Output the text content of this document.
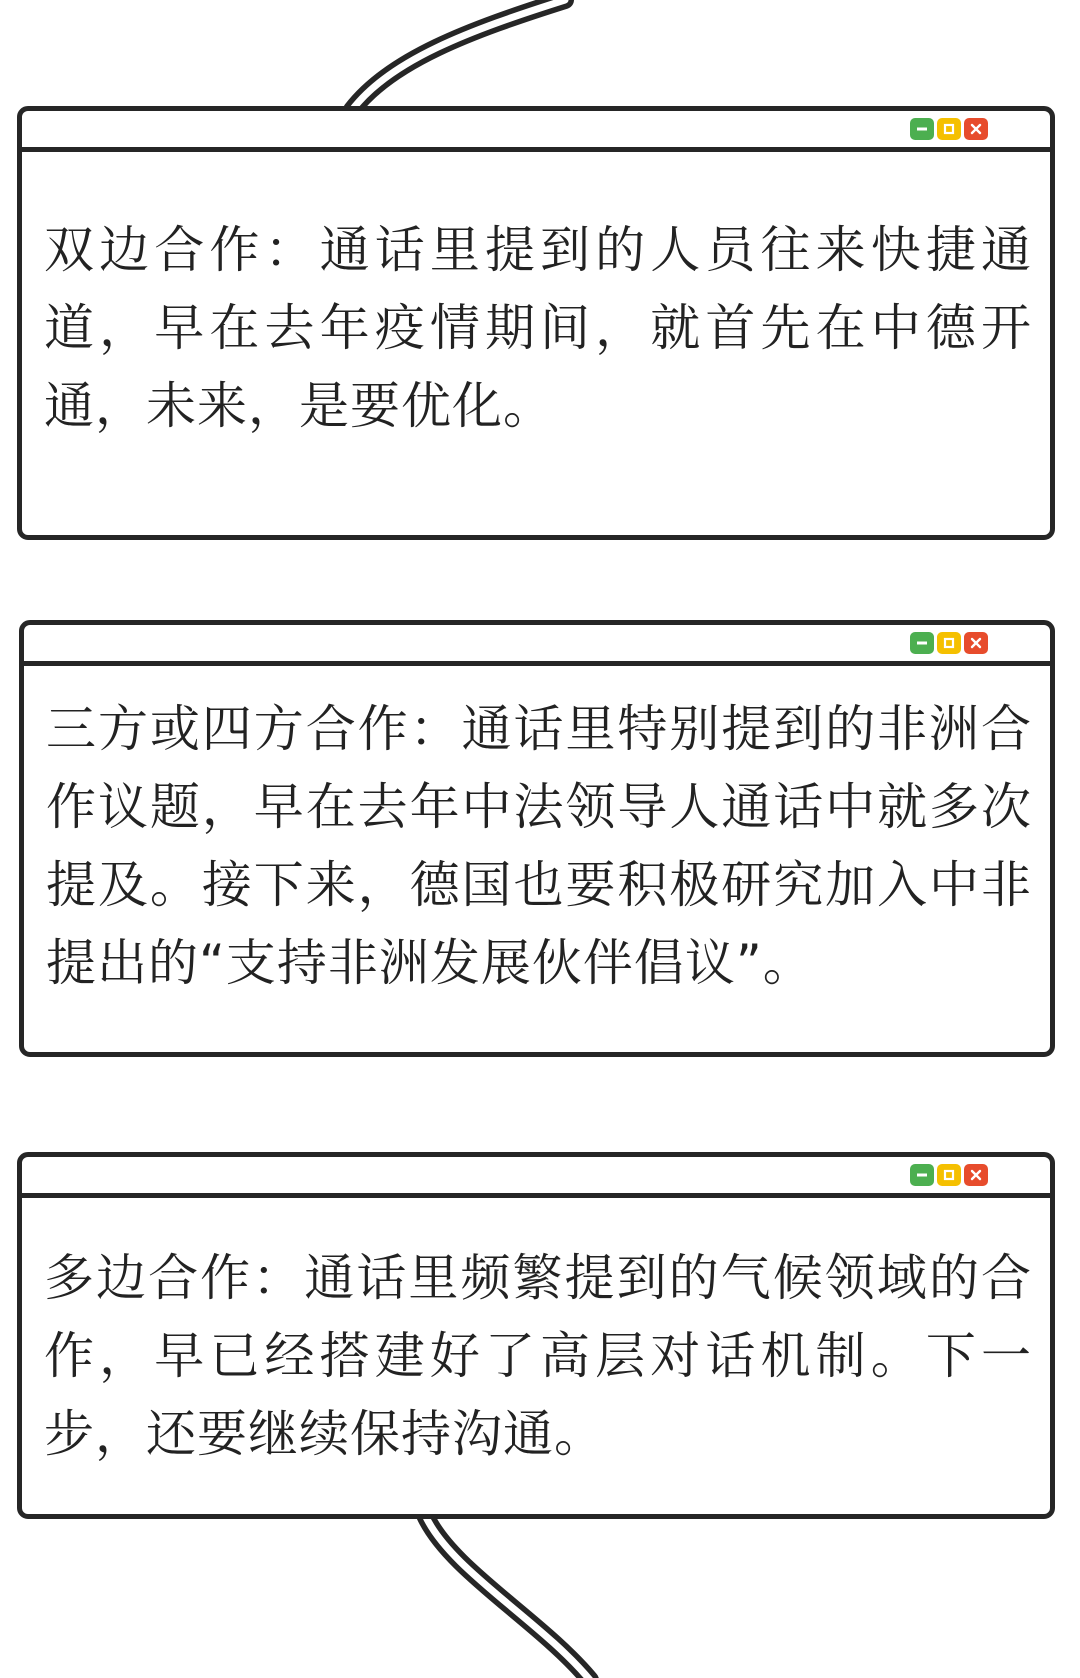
双边合作：通话里提到的人员往来快捷通道，早在去年疫情期间，就首先在中德开通，未来，是要优化。

三方或四方合作：通话里特别提到的非洲合作议题，早在去年中法领导人通话中就多次提及。接下来，德国也要积极研究加入中非提出的“支持非洲发展伙伴倡议”。

多边合作：通话里频繁提到的气候领域的合作，早已经搭建好了高层对话机制。下一步，还要继续保持沟通。
